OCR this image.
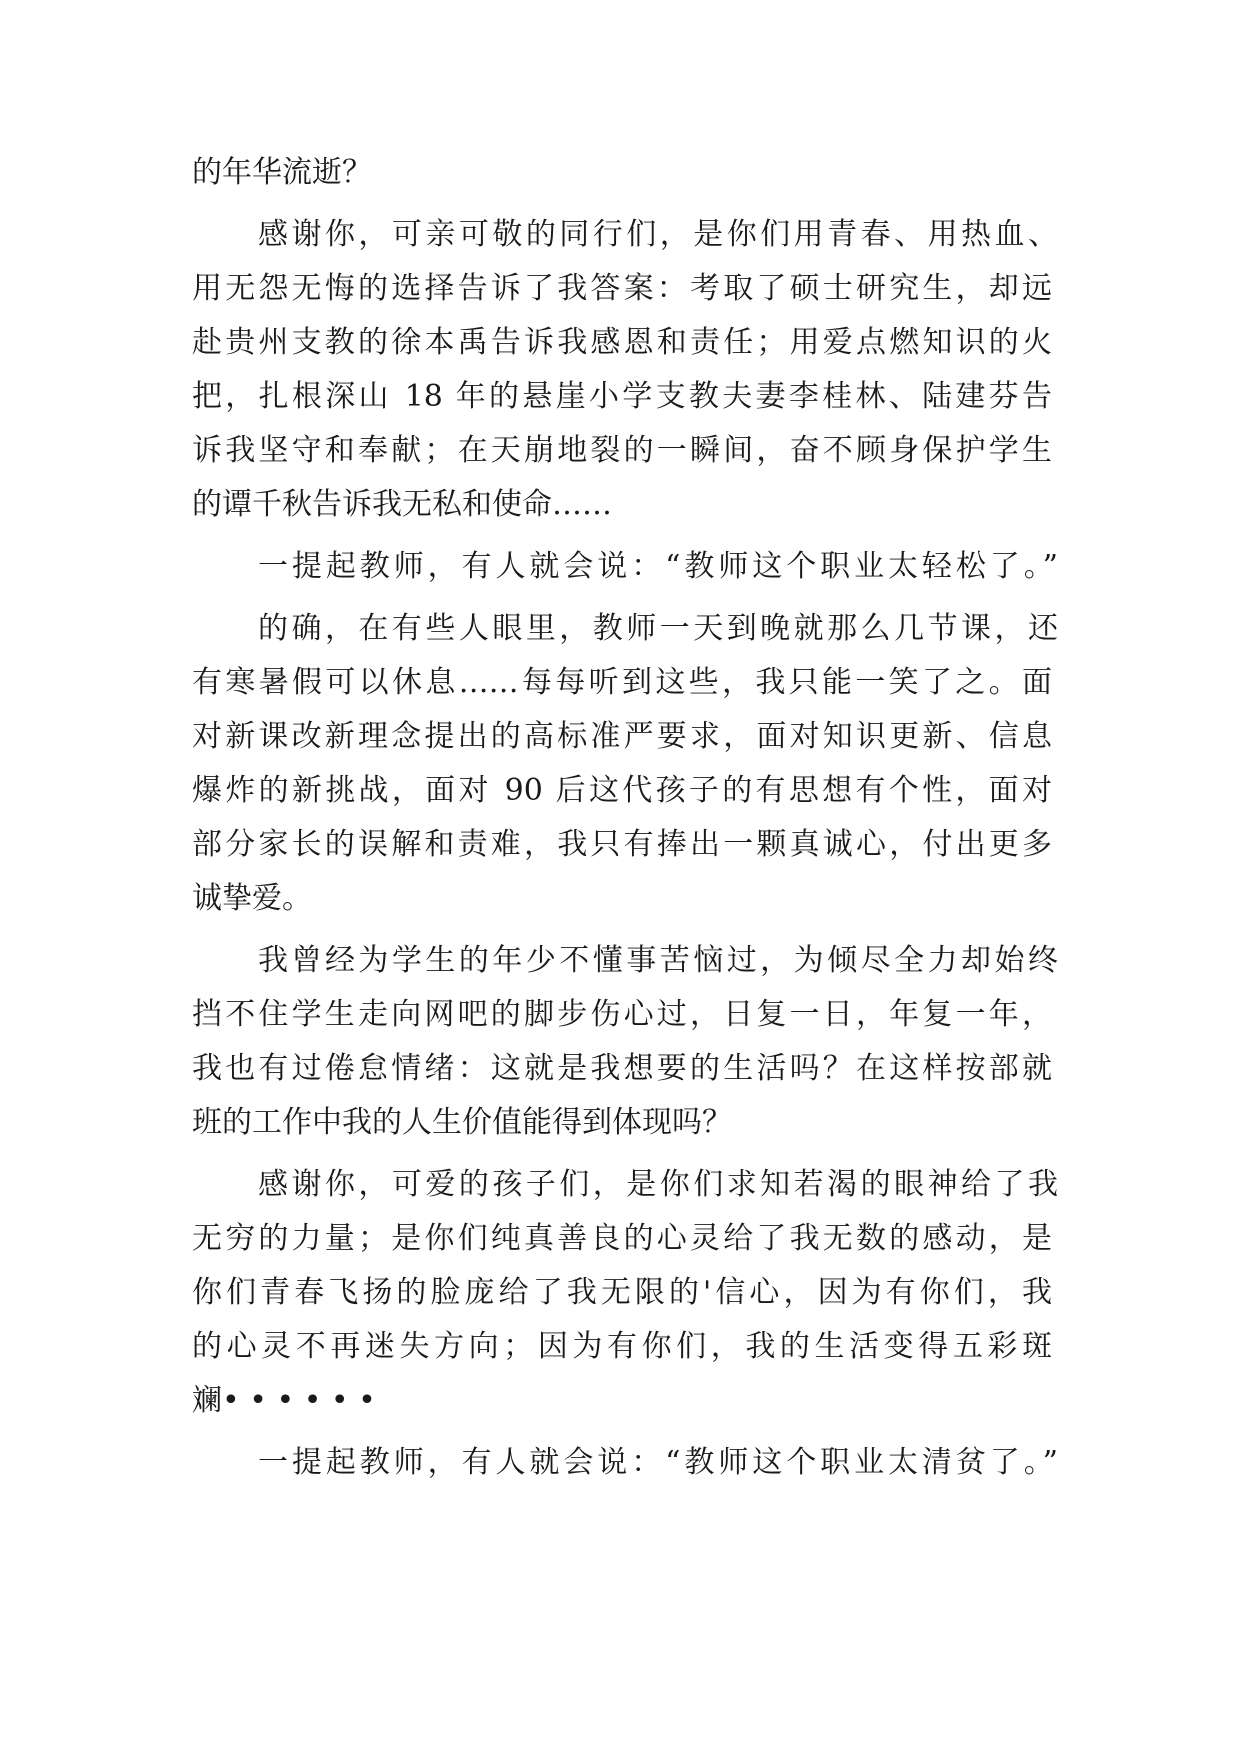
的年华流逝？
感谢你，可亲可敬的同行们，是你们用青春、用热血、
用无怨无悔的选择告诉了我答案：考取了硕士研究生，却远
赴贵州支教的徐本禹告诉我感恩和责任；用爱点燃知识的火
把，扎根深山 18 年的悬崖小学支教夫妻李桂林、陆建芬告
诉我坚守和奉献；在天崩地裂的一瞬间，奋不顾身保护学生
的谭千秋告诉我无私和使命……
一提起教师，有人就会说：“教师这个职业太轻松了。”
的确，在有些人眼里，教师一天到晚就那么几节课，还
有寒暑假可以休息……每每听到这些，我只能一笑了之。面
对新课改新理念提出的高标准严要求，面对知识更新、信息
爆炸的新挑战，面对 90 后这代孩子的有思想有个性，面对
部分家长的误解和责难，我只有捧出一颗真诚心，付出更多
诚挚爱。
我曾经为学生的年少不懂事苦恼过，为倾尽全力却始终
挡不住学生走向网吧的脚步伤心过，日复一日，年复一年，
我也有过倦怠情绪：这就是我想要的生活吗？在这样按部就
班的工作中我的人生价值能得到体现吗？
感谢你，可爱的孩子们，是你们求知若渴的眼神给了我
无穷的力量；是你们纯真善良的心灵给了我无数的感动，是
你们青春飞扬的脸庞给了我无限的'信心，因为有你们，我
的心灵不再迷失方向；因为有你们，我的生活变得五彩斑
斓• • • • • •
一提起教师，有人就会说：“教师这个职业太清贫了。”
